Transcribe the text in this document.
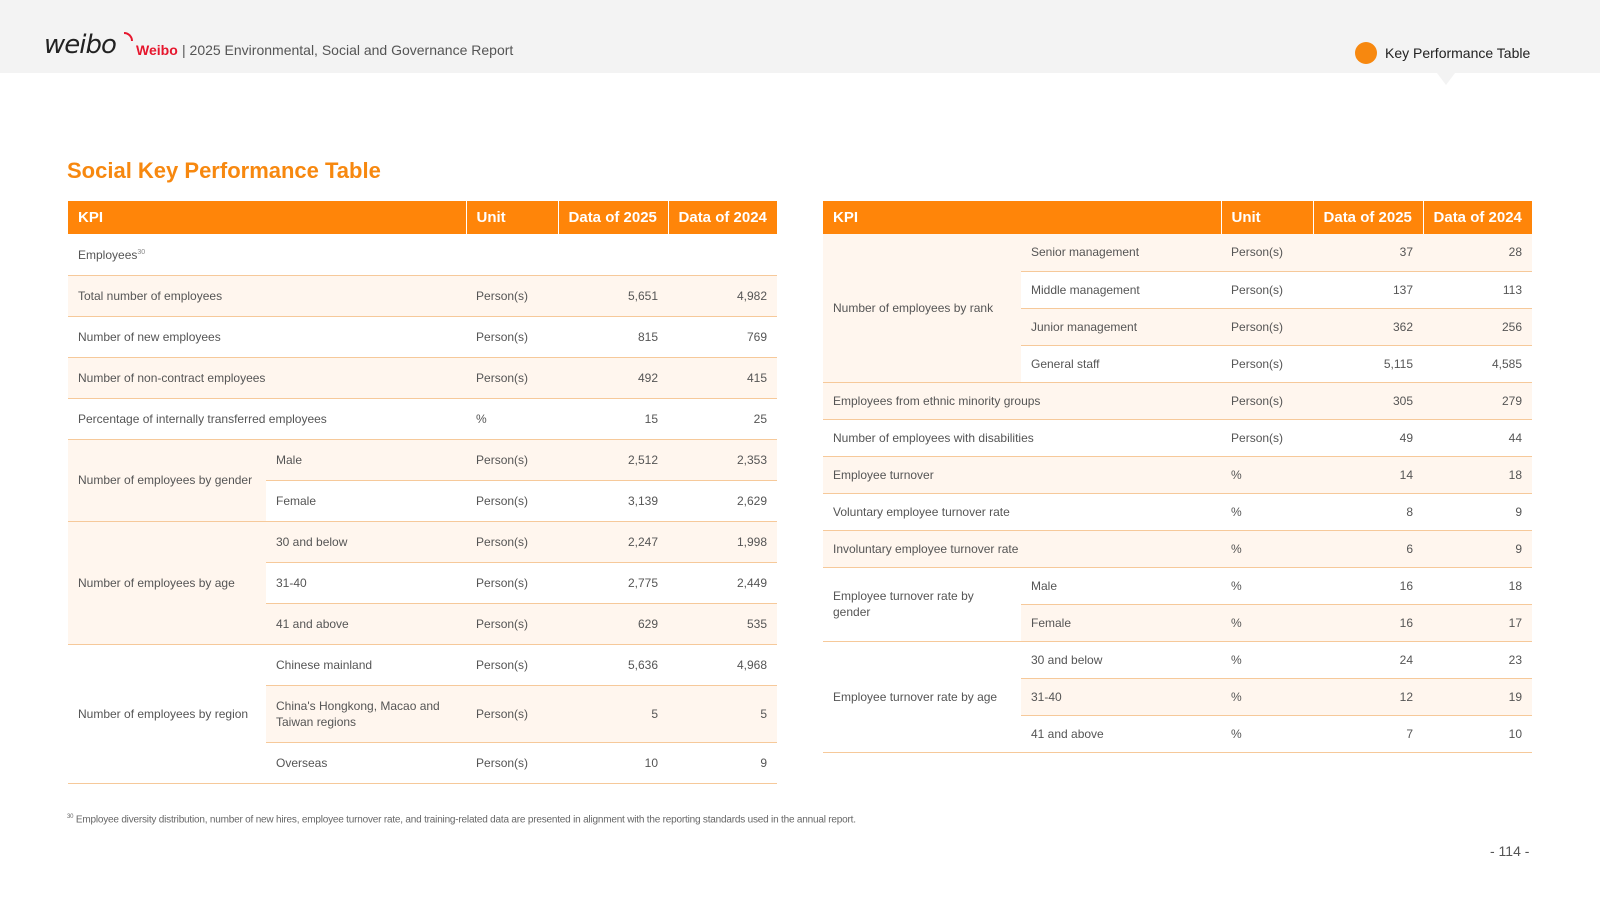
weibo Weibo | 2025 Environmental, Social and Governance Report	Key Performance Table
Social Key Performance Table
KPI		Unit	Data of 2025	Data of 2024
Employees$^{30}$
Total number of employees		Person(s)	5,651	4,982
Number of new employees		Person(s)	815	769
Number of non-contract employees		Person(s)	492	415
Percentage of internally transferred employees		%	15	25
Number of employees by gender	Male	Person(s)	2,512	2,353
	Female	Person(s)	3,139	2,629
Number of employees by age	30 and below	Person(s)	2,247	1,998
	31-40	Person(s)	2,775	2,449
	41 and above	Person(s)	629	535
Number of employees by region	Chinese mainland	Person(s)	5,636	4,968
	China's Hongkong, Macao and Taiwan regions	Person(s)	5	5
	Overseas	Person(s)	10	9
KPI		Unit	Data of 2025	Data of 2024
Number of employees by rank	Senior management	Person(s)	37	28
	Middle management	Person(s)	137	113
	Junior management	Person(s)	362	256
	General staff	Person(s)	5,115	4,585
Employees from ethnic minority groups		Person(s)	305	279
Number of employees with disabilities		Person(s)	49	44
Employee turnover		%	14	18
Voluntary employee turnover rate		%	8	9
Involuntary employee turnover rate		%	6	9
Employee turnover rate by gender	Male	%	16	18
	Female	%	16	17
Employee turnover rate by age	30 and below	%	24	23
	31-40	%	12	19
	41 and above	%	7	10
$^{30}$ Employee diversity distribution, number of new hires, employee turnover rate, and training-related data are presented in alignment with the reporting standards used in the annual report.
- 114 -
